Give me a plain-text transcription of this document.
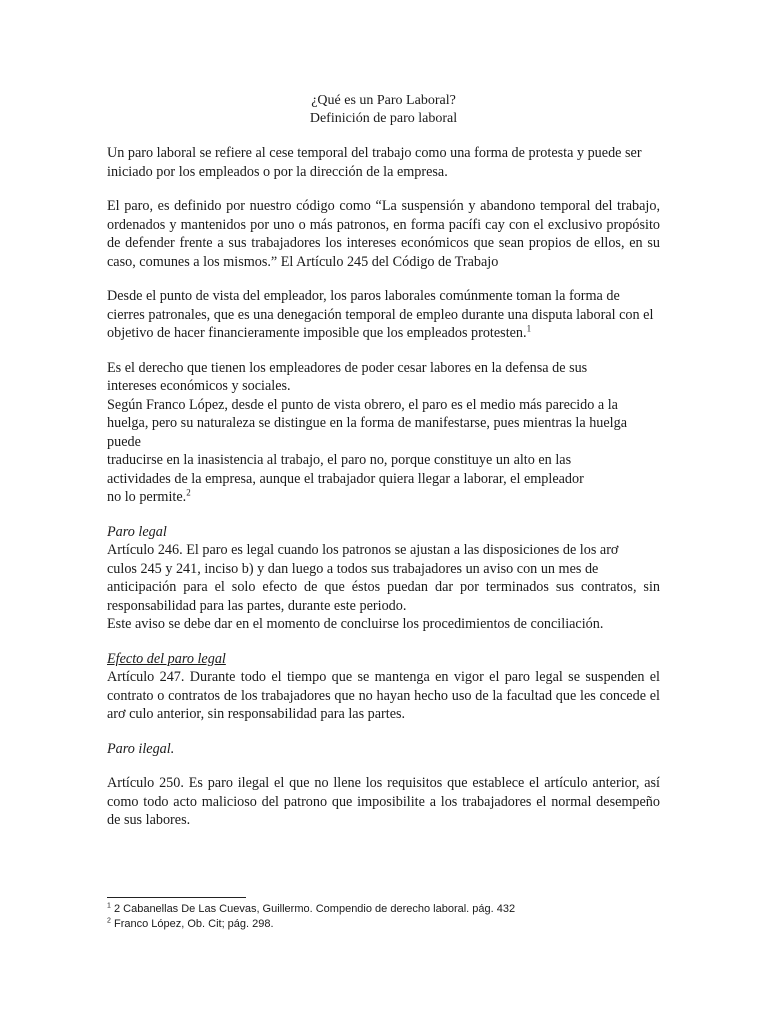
¿Qué es un Paro Laboral?
Definición de paro laboral

Un paro laboral se refiere al cese temporal del trabajo como una forma de protesta y puede ser iniciado por los empleados o por la dirección de la empresa.

El paro, es definido por nuestro código como “La suspensión y abandono temporal del trabajo, ordenados y mantenidos por uno o más patronos, en forma pacífi cay con el exclusivo propósito de defender frente a sus trabajadores los intereses económicos que sean propios de ellos, en su caso, comunes a los mismos.” El Artículo 245 del Código de Trabajo

Desde el punto de vista del empleador, los paros laborales comúnmente toman la forma de cierres patronales, que es una denegación temporal de empleo durante una disputa laboral con el objetivo de hacer financieramente imposible que los empleados protesten.$^1$

Es el derecho que tienen los empleadores de poder cesar labores en la defensa de sus
intereses económicos y sociales.
Según Franco López, desde el punto de vista obrero, el paro es el medio más parecido a la
huelga, pero su naturaleza se distingue en la forma de manifestarse, pues mientras la huelga
puede
traducirse en la inasistencia al trabajo, el paro no, porque constituye un alto en las
actividades de la empresa, aunque el trabajador quiera llegar a laborar, el empleador
no lo permite.$^2$

Paro legal

Artículo 246. El paro es legal cuando los patronos se ajustan a las disposiciones de los arơ
culos 245 y 241, inciso b) y dan luego a todos sus trabajadores un aviso con un mes de

anticipación para el solo efecto de que éstos puedan dar por terminados sus contratos, sin responsabilidad para las partes, durante este periodo.

Este aviso se debe dar en el momento de concluirse los procedimientos de conciliación.

Efecto del paro legal

Artículo 247. Durante todo el tiempo que se mantenga en vigor el paro legal se suspenden el contrato o contratos de los trabajadores que no hayan hecho uso de la facultad que les concede el arơ culo anterior, sin responsabilidad para las partes.

Paro ilegal.

Artículo 250. Es paro ilegal el que no llene los requisitos que establece el artículo anterior, así como todo acto malicioso del patrono que imposibilite a los trabajadores el normal desempeño de sus labores.

$^1$ 2 Cabanellas De Las Cuevas, Guillermo. Compendio de derecho laboral. pág. 432
$^2$ Franco López, Ob. Cit; pág. 298.
